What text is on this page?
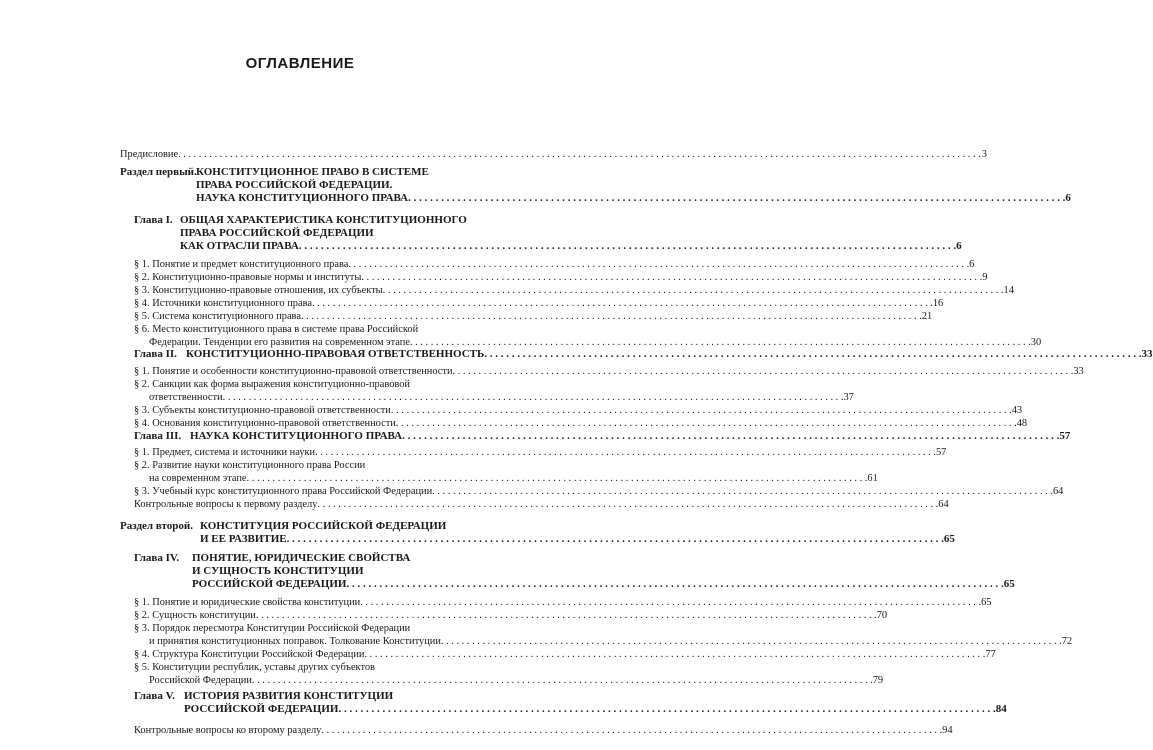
ОГЛАВЛЕНИЕ
Предисловие . . .	3
Раздел первый. КОНСТИТУЦИОННОЕ ПРАВО В СИСТЕМЕ
ПРАВА РОССИЙСКОЙ ФЕДЕРАЦИИ.
НАУКА КОНСТИТУЦИОННОГО ПРАВА . . .	6
Глава I. ОБЩАЯ ХАРАКТЕРИСТИКА КОНСТИТУЦИОННОГО
ПРАВА РОССИЙСКОЙ ФЕДЕРАЦИИ
КАК ОТРАСЛИ ПРАВА . . .	6
§ 1. Понятие и предмет конституционного права . . .	6
§ 2. Конституционно-правовые нормы и институты . . .	9
§ 3. Конституционно-правовые отношения, их субъекты . . .	14
§ 4. Источники конституционного права . . .	16
§ 5. Система конституционного права . . .	21
§ 6. Место конституционного права в системе права Российской
Федерации. Тенденции его развития на современном этапе . . .	30
Глава II. КОНСТИТУЦИОННО-ПРАВОВАЯ ОТВЕТСТВЕННОСТЬ . . .	33
§ 1. Понятие и особенности конституционно-правовой ответственности . . .	33
§ 2. Санкции как форма выражения конституционно-правовой
ответственности . . .	37
§ 3. Субъекты конституционно-правовой ответственности . . .	43
§ 4. Основания конституционно-правовой ответственности . . .	48
Глава III. НАУКА КОНСТИТУЦИОННОГО ПРАВА . . .	57
§ 1. Предмет, система и источники науки . . .	57
§ 2. Развитие науки конституционного права России
на современном этапе . . .	61
§ 3. Учебный курс конституционного права Российской Федерации . . .	64
Контрольные вопросы к первому разделу . . .	64
Раздел второй. КОНСТИТУЦИЯ РОССИЙСКОЙ ФЕДЕРАЦИИ
И ЕЕ РАЗВИТИЕ . . .	65
Глава IV.	ПОНЯТИЕ, ЮРИДИЧЕСКИЕ СВОЙСТВА
И СУЩНОСТЬ КОНСТИТУЦИИ
РОССИЙСКОЙ ФЕДЕРАЦИИ . . .	65
§ 1. Понятие и юридические свойства конституции . . .	65
§ 2. Сущность конституции . . .	70
§ 3. Порядок пересмотра Конституции Российской Федерации
и принятия конституционных поправок. Толкование Конституции . . .	72
§ 4. Структура Конституции Российской Федерации . . .	77
§ 5. Конституции республик, уставы других субъектов
Российской Федерации . . .	79
Глава V. ИСТОРИЯ РАЗВИТИЯ КОНСТИТУЦИИ
РОССИЙСКОЙ ФЕДЕРАЦИИ . . .	84
Контрольные вопросы ко второму разделу . . .	94
